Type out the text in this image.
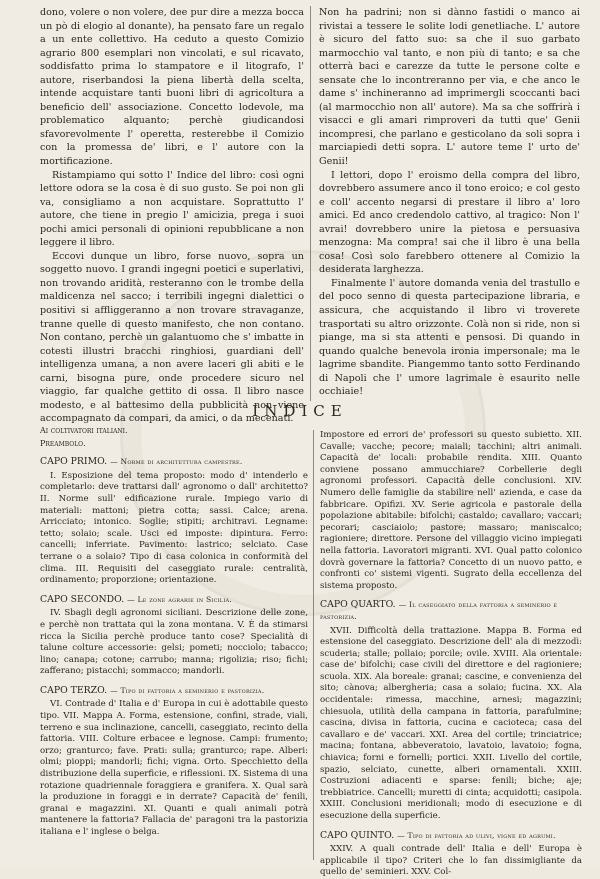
dono, volere o non volere, dee pur dire a mezza bocca un pò di elogio al donante), ha pensato fare un regalo a un ente collettivo. Ha ceduto a questo Comizio agrario 800 esemplari non vincolati, e sul ricavato, soddisfatto prima lo stampatore e il litografo, l' autore, riserbandosi la piena libertà della scelta, intende acquistare tanti buoni libri di agricoltura a beneficio dell' associazione. Concetto lodevole, ma problematico alquanto; perchè giudicandosi sfavorevolmente l' operetta, resterebbe il Comizio con la promessa de' libri, e l' autore con la mortificazione.

Ristampiamo qui sotto l' Indice del libro: così ogni lettore odora se la cosa è di suo gusto. Se poi non gli va, consigliamo a non acquistare. Soprattutto l' autore, che tiene in pregio l' amicizia, prega i suoi pochi amici personali di opinioni repubblicane a non leggere il libro.

Eccovi dunque un libro, forse nuovo, sopra un soggetto nuovo. I grandi ingegni poetici e superlativi, non trovando aridità, resteranno con le trombe della maldicenza nel sacco; i terribili ingegni dialettici o positivi si affliggeranno a non trovare stravaganze, tranne quelle di questo manifesto, che non contano. Non contano, perchè un galantuomo che s' imbatte in cotesti illustri bracchi ringhiosi, guardiani dell' intelligenza umana, a non avere laceri gli abiti e le carni, bisogna pure, onde procedere sicuro nel viaggio, far qualche gettito di ossa. Il libro nasce modesto, e al battesimo della pubblicità non viene accompagnato da compari, da amici, o da mecenati.

Non ha padrini; non si dànno fastidi o manco ai rivistai a tessere le solite lodi genetliache. L' autore è sicuro del fatto suo: sa che il suo garbato marmocchio val tanto, e non più di tanto; e sa che otterrà baci e carezze da tutte le persone colte e sensate che lo incontreranno per via, e che anco le dame s' inchineranno ad imprimergli scoccanti baci (al marmocchio non all' autore). Ma sa che soffrirà i visacci e gli amari rimproveri da tutti que' Genii incompresi, che parlano e gesticolano da soli sopra i marciapiedi detti sopra. L' autore teme l' urto de' Genii!

I lettori, dopo l' eroismo della compra del libro, dovrebbero assumere anco il tono eroico; e col gesto e coll' accento negarsi di prestare il libro a' loro amici. Ed anco credendolo cattivo, al tragico: Non l' avrai! dovrebbero unire la pietosa e persuasiva menzogna: Ma compra! sai che il libro è una bella cosa! Così solo farebbero ottenere al Comizio la desiderata larghezza.

Finalmente l' autore domanda venia del trastullo e del poco senno di questa partecipazione libraria, e assicura, che acquistando il libro vi troverete trasportati su altro orizzonte. Colà non si ride, non si piange, ma si sta attenti e pensosi. Di quando in quando qualche benevola ironia impersonale; ma le lagrime sbandite. Piangemmo tanto sotto Ferdinando di Napoli che l' umore lagrimale è esaurito nelle occhiaie!

INDICE
Ai coltivatori italiani.
Preambolo.
CAPO PRIMO. — Norme di architettura campestre.

I. Esposizione del tema proposto: modo d' intenderlo e completarlo: deve trattarsi dall' agronomo o dall' architetto? II. Norme sull' edificazione rurale. Impiego vario di materiali: mattoni; pietra cotta; sassi. Calce; arena. Arricciato; intonico. Soglie; stipiti; architravi. Legname: tetto; solaio; scale. Usci ed imposte: dipintura. Ferro: cancelli; inferriate. Pavimento: lastrico; selciato. Case terrane o a solaio? Tipo di casa colonica in conformità del clima. III. Requisiti del caseggiato rurale: centralità, ordinamento; proporzione; orientazione.

CAPO SECONDO. — Le zone agrarie in Sicilia.

IV. Sbagli degli agronomi siciliani. Descrizione delle zone, e perchè non trattata qui la zona montana. V. È da stimarsi ricca la Sicilia perchè produce tanto cose? Specialità di talune colture accessorie: gelsi; pometi; nocciolo; tabacco; lino; canapa; cotone; carrubo; manna; rigolizia; riso; fichi; zafferano; pistacchi; sommacco; mandorli.

CAPO TERZO. — Tipo di fattoria a seminerio e pastorizia.

VI. Contrade d' Italia e d' Europa in cui è adottabile questo tipo. VII. Mappa A. Forma, estensione, confini, strade, viali, terreno e sua inclinazione, cancelli, caseggiato, recinto della fattoria. VIII. Colture erbacee e legnose. Campi: frumento; orzo; granturco; fave. Prati: sulla; granturco; rape. Alberi: olmi; pioppi; mandorli; fichi; vigna. Orto. Specchietto della distribuzione della superficie, e riflessioni. IX. Sistema di una rotazione quadriennale foraggiera e granifera. X. Qual sarà la produzione in foraggi e in derrate? Capacità de' fenili, granai e magazzini. XI. Quanti e quali animali potrà mantenere la fattoria? Fallacia de' paragoni tra la pastorizia italiana e l' inglese o belga.

Impostore ed errori de' professori su questo subietto. XII. Cavalle; vacche; pecore; maiali; tacchini; altri animali. Capacità de' locali: probabile rendita. XIII. Quanto conviene possano ammucchiare? Corbellerie degli agronomi professori. Capacità delle conclusioni. XIV. Numero delle famiglie da stabilire nell' azienda, e case da fabbricare. Opifizi. XV. Serie agricola e pastorale della popolazione abitabile: bifolchi; castaldo; cavallaro; vaccari; pecorari; casciaiolo; pastore; massaro; maniscalco; ragioniere; direttore. Persone del villaggio vicino impiegati nella fattoria. Lavoratori migranti. XVI. Qual patto colonico dovrà governare la fattoria? Concetto di un nuovo patto, e confronti co' sistemi vigenti. Sugrato della eccellenza del sistema proposto.

CAPO QUARTO. — Il caseggiato della fattoria a seminerio e pastorizia.

XVII. Difficoltà della trattazione. Mappa B. Forma ed estensione del caseggiato. Descrizione dell' ala di mezzodì: scuderia; stalle; pollaio; porcile; ovile. XVIII. Ala orientale: case de' bifolchi; case civili del direttore e del ragioniere; scuola. XIX. Ala boreale: granai; cascine, e convenienza del sito; cànova; albergheria; casa a solaio; fucina. XX. Ala occidentale: rimessa, macchine, arnesi; magazzini; chiesuola, utilità della campana in fattoria, parafulmine; cascina, divisa in fattoria, cucina e cacioteca; casa del cavallaro e de' vaccari. XXI. Area del cortile; trinciatrice; macina; fontana, abbeveratoio, lavatoio, lavatoio; fogna, chiavica; forni e fornelli; portici. XXII. Livello del cortile, spazio, selciato, cunette, alberi ornamentali. XXIII. Costruzioni adiacenti e sparse: fenili; biche; aje; trebbiatrice. Cancelli; muretti di cinta; acquidotti; casipola. XXIII. Conclusioni meridionali; modo di esecuzione e di esecuzione della superficie.

CAPO QUINTO. — Tipo di fattoria ad ulivi, vigne ed agrumi.

XXIV. A quali contrade dell' Italia e dell' Europa è applicabile il tipo? Criteri che lo fan dissimigliante da quello de' seminieri. XXV. Col-
